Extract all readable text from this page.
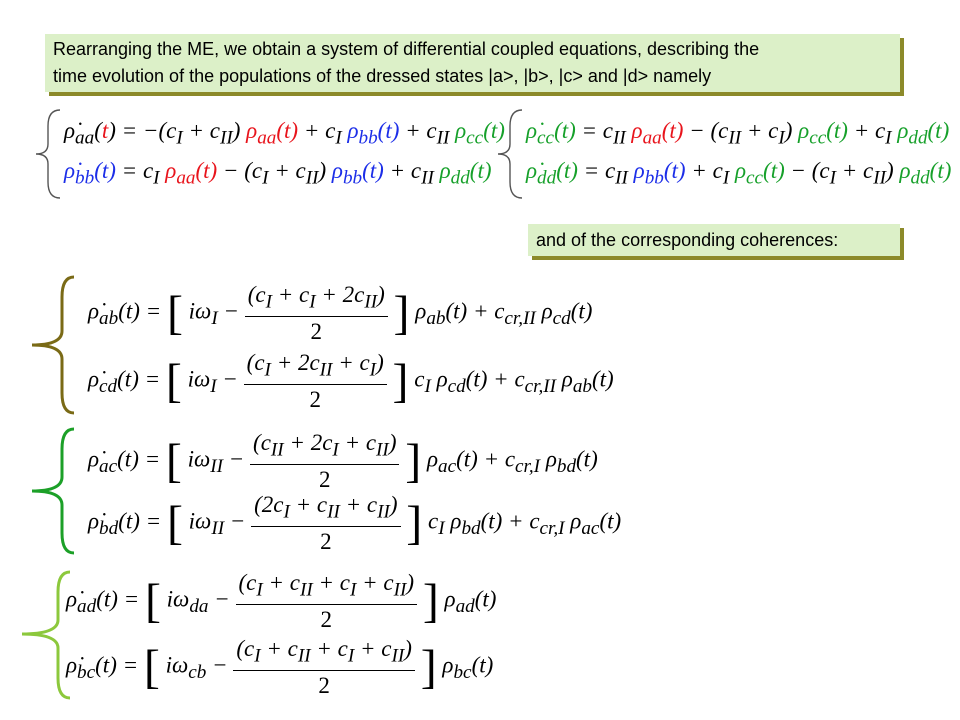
Rearranging the ME, we obtain a system of differential coupled equations, describing the
time evolution of the populations of the dressed states |a>, |b>, |c> and |d> namely
$\rhȯ_{aa}(t) = -(c_I + c_{II}) \rho_{aa}(t) + c_I$ $\rho_{bb}(t) + c_{II}$ $\rho_{cc}(t)$
$\rhȯ_{bb}(t) = c_I$ $\rho_{aa}(t) - (c_I + c_{II}) \rho_{bb}(t) + c_{II}$ $\rho_{dd}(t)$
$\rhȯ_{cc}(t) = c_{II}$ $\rho_{aa}(t) - (c_{II} + c_I) \rho_{cc}(t) + c_I$ $\rho_{dd}(t)$
$\rhȯ_{dd}(t) = c_{II}$ $\rho_{bb}(t) + c_I$ $\rho_{cc}(t) - (c_I + c_{II})$ $\rho_{dd}(t)$
and of the corresponding coherences:
$\rhȯ_{ab}(t)$ = [ $i\omega_I - \frac{(c_I + c_I + 2c_{II})}{2}$ ] $\rho_{ab}(t) + c_{cr,II}$ $\rho_{cd}(t)$
$\rhȯ_{cd}(t)$ = [ $i\omega_I - \frac{(c_I + 2c_{II} + c_I)}{2}$ ] $c_I$ $\rho_{cd}(t) + c_{cr,II}$ $\rho_{ab}(t)$
$\rhȯ_{ac}(t)$ = [ $i\omega_{II} - \frac{(c_{II} + 2c_I + c_{II})}{2}$ ] $\rho_{ac}(t) + c_{cr,I}$ $\rho_{bd}(t)$
$\rhȯ_{bd}(t)$ = [ $i\omega_{II} - \frac{(2c_I + c_{II} + c_{II})}{2}$ ] $c_I$ $\rho_{bd}(t) + c_{cr,I}$ $\rho_{ac}(t)$
$\rhȯ_{ad}(t)$ = [ $i\omega_{da} - \frac{(c_I + c_{II} + c_I + c_{II})}{2}$ ] $\rho_{ad}(t)$
$\rhȯ_{bc}(t)$ = [ $i\omega_{cb} - \frac{(c_I + c_{II} + c_I + c_{II})}{2}$ ] $\rho_{bc}(t)$
